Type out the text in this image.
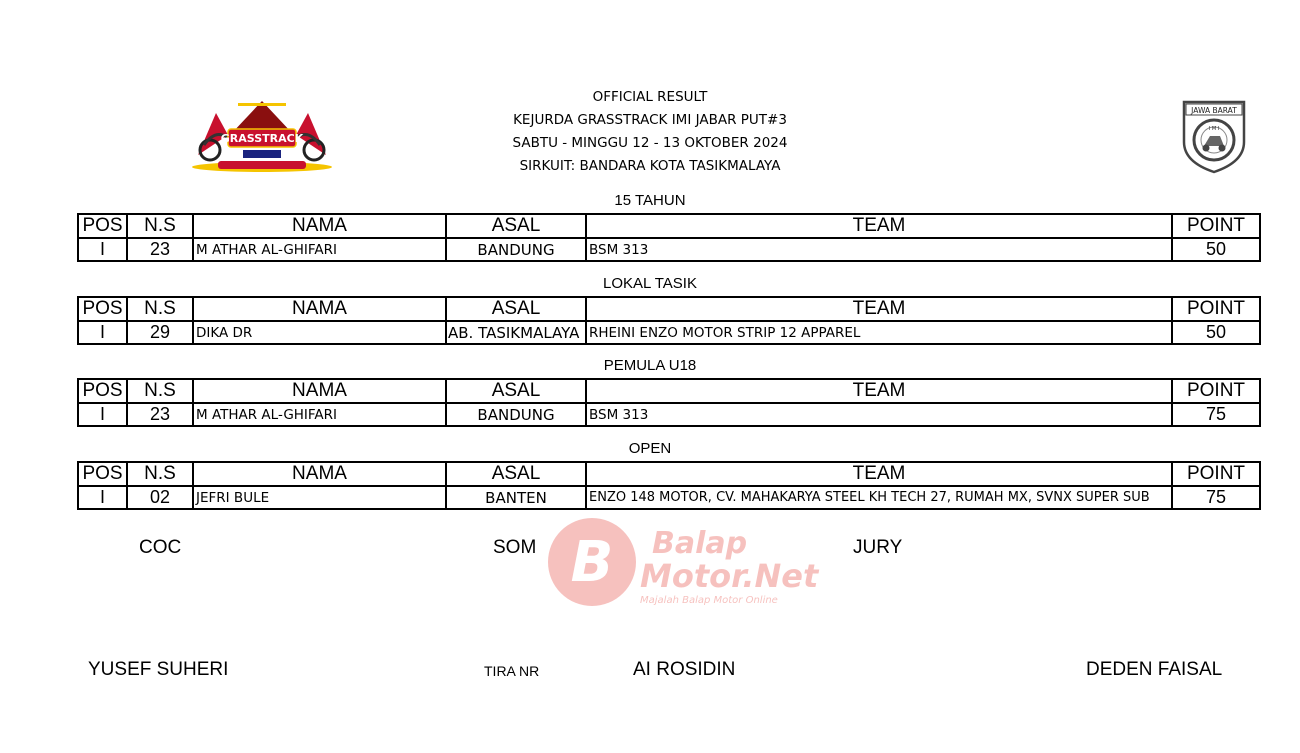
GRASSTRACK
JAWA BARAT
I M I
OFFICIAL RESULT
KEJURDA GRASSTRACK IMI JABAR PUT#3
SABTU - MINGGU 12 - 13 OKTOBER 2024
SIRKUIT: BANDARA KOTA TASIKMALAYA
15 TAHUN
POS	N.S	NAMA	ASAL	TEAM	POINT
I	23	M ATHAR AL-GHIFARI	BANDUNG	BSM 313	50
LOKAL TASIK
POS	N.S	NAMA	ASAL	TEAM	POINT
I	29	DIKA DR	AB. TASIKMALAYA	RHEINI ENZO MOTOR STRIP 12 APPAREL	50
PEMULA U18
POS	N.S	NAMA	ASAL	TEAM	POINT
I	23	M ATHAR AL-GHIFARI	BANDUNG	BSM 313	75
OPEN
POS	N.S	NAMA	ASAL	TEAM	POINT
I	02	JEFRI BULE	BANTEN	ENZO 148 MOTOR, CV. MAHAKARYA STEEL KH TECH 27, RUMAH MX, SVNX SUPER SUB	75
B Balap
Motor.Net
Majalah Balap Motor Online
COC	SOM	JURY
YUSEF SUHERI	TIRA NR	AI ROSIDIN	DEDEN FAISAL
